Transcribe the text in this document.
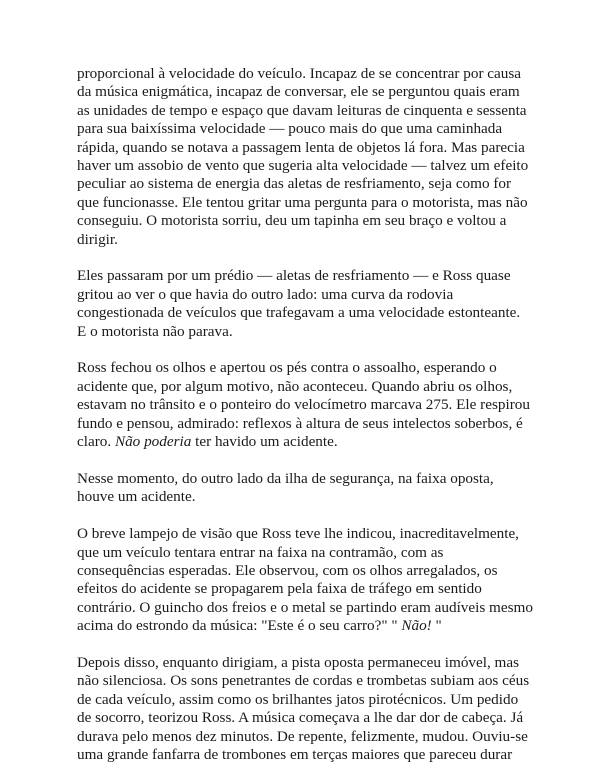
proporcional à velocidade do veículo. Incapaz de se concentrar por causa da música enigmática, incapaz de conversar, ele se perguntou quais eram as unidades de tempo e espaço que davam leituras de cinquenta e sessenta para sua baixíssima velocidade — pouco mais do que uma caminhada rápida, quando se notava a passagem lenta de objetos lá fora. Mas parecia haver um assobio de vento que sugeria alta velocidade — talvez um efeito peculiar ao sistema de energia das aletas de resfriamento, seja como for que funcionasse. Ele tentou gritar uma pergunta para o motorista, mas não conseguiu. O motorista sorriu, deu um tapinha em seu braço e voltou a dirigir.

Eles passaram por um prédio — aletas de resfriamento — e Ross quase gritou ao ver o que havia do outro lado: uma curva da rodovia congestionada de veículos que trafegavam a uma velocidade estonteante. E o motorista não parava.

Ross fechou os olhos e apertou os pés contra o assoalho, esperando o acidente que, por algum motivo, não aconteceu. Quando abriu os olhos, estavam no trânsito e o ponteiro do velocímetro marcava 275. Ele respirou fundo e pensou, admirado: reflexos à altura de seus intelectos soberbos, é claro. Não poderia ter havido um acidente.

Nesse momento, do outro lado da ilha de segurança, na faixa oposta, houve um acidente.

O breve lampejo de visão que Ross teve lhe indicou, inacreditavelmente, que um veículo tentara entrar na faixa na contramão, com as consequências esperadas. Ele observou, com os olhos arregalados, os efeitos do acidente se propagarem pela faixa de tráfego em sentido contrário. O guincho dos freios e o metal se partindo eram audíveis mesmo acima do estrondo da música: "Este é o seu carro?" " Não! "

Depois disso, enquanto dirigiam, a pista oposta permaneceu imóvel, mas não silenciosa. Os sons penetrantes de cordas e trombetas subiam aos céus de cada veículo, assim como os brilhantes jatos pirotécnicos. Um pedido de socorro, teorizou Ross. A música começava a lhe dar dor de cabeça. Já durava pelo menos dez minutos. De repente, felizmente, mudou. Ouviu-se uma grande fanfarra de trombones em terças maiores que pareceu durar
